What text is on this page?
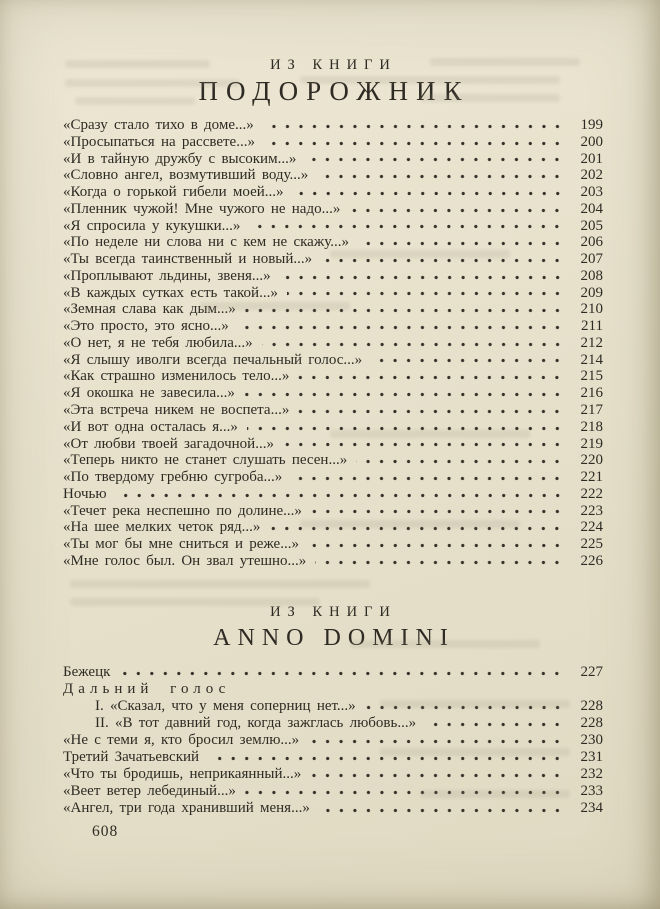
ИЗ КНИГИ
ПОДОРОЖНИК
«Сразу стало тихо в доме...»	199
«Просыпаться на рассвете...»	200
«И в тайную дружбу с высоким...»	201
«Словно ангел, возмутивший воду...»	202
«Когда о горькой гибели моей...»	203
«Пленник чужой! Мне чужого не надо...»	204
«Я спросила у кукушки...»	205
«По неделе ни слова ни с кем не скажу...»	206
«Ты всегда таинственный и новый...»	207
«Проплывают льдины, звеня...»	208
«В каждых сутках есть такой...»	209
«Земная слава как дым...»	210
«Это просто, это ясно...»	211
«О нет, я не тебя любила...»	212
«Я слышу иволги всегда печальный голос...»	214
«Как страшно изменилось тело...»	215
«Я окошка не завесила...»	216
«Эта встреча никем не воспета...»	217
«И вот одна осталась я...»	218
«От любви твоей загадочной...»	219
«Теперь никто не станет слушать песен...»	220
«По твердому гребню сугроба...»	221
Ночью	222
«Течет река неспешно по долине...»	223
«На шее мелких четок ряд...»	224
«Ты мог бы мне сниться и реже...»	225
«Мне голос был. Он звал утешно...»	226
ИЗ КНИГИ
ANNO DOMINI
Бежецк	227
Дальний голос
I. «Сказал, что у меня соперниц нет...»	228
II. «В тот давний год, когда зажглась любовь...»	228
«Не с теми я, кто бросил землю...»	230
Третий Зачатьевский	231
«Что ты бродишь, неприкаянный...»	232
«Веет ветер лебединый...»	233
«Ангел, три года хранивший меня...»	234
608
